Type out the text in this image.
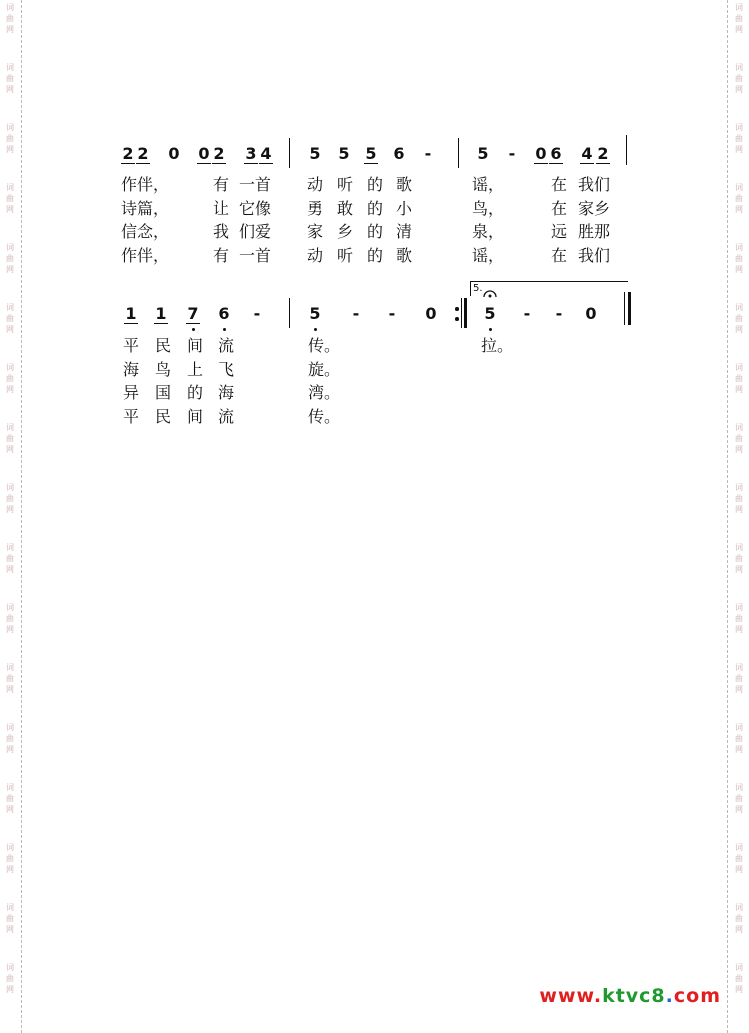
词
曲
网
词
曲
网
词
曲
网
词
曲
网
词
曲
网
词
曲
网
词
曲
网
词
曲
网
词
曲
网
词
曲
网
词
曲
网
词
曲
网
词
曲
网
词
曲
网
词
曲
网
词
曲
网
词
曲
网
词
曲
网
词
曲
网
词
曲
网
词
曲
网
词
曲
网
词
曲
网
词
曲
网
词
曲
网
词
曲
网
词
曲
网
词
曲
网
词
曲
网
词
曲
网
词
曲
网
词
曲
网
词
曲
网
词
曲
网
2 2 0 0 2 3 4 5 5 5 6 -	5 - 0 6 4 2
作伴，	有 一首 动 听 的 歌	谣，	在 我们
诗篇，	让 它像 勇 敢 的 小	鸟，	在 家乡
信念，	我 们爱 家 乡 的 清	泉，	远 胜那
作伴，	有 一首 动 听 的 歌	谣，	在 我们
1 1 7 6 -	5 - - 0	5 - - 0
5.
平 民 间 流	传。
海 鸟 上 飞	旋。
异 国 的 海	湾。
平 民 间 流	传。
拉。
www.ktvc8.com
